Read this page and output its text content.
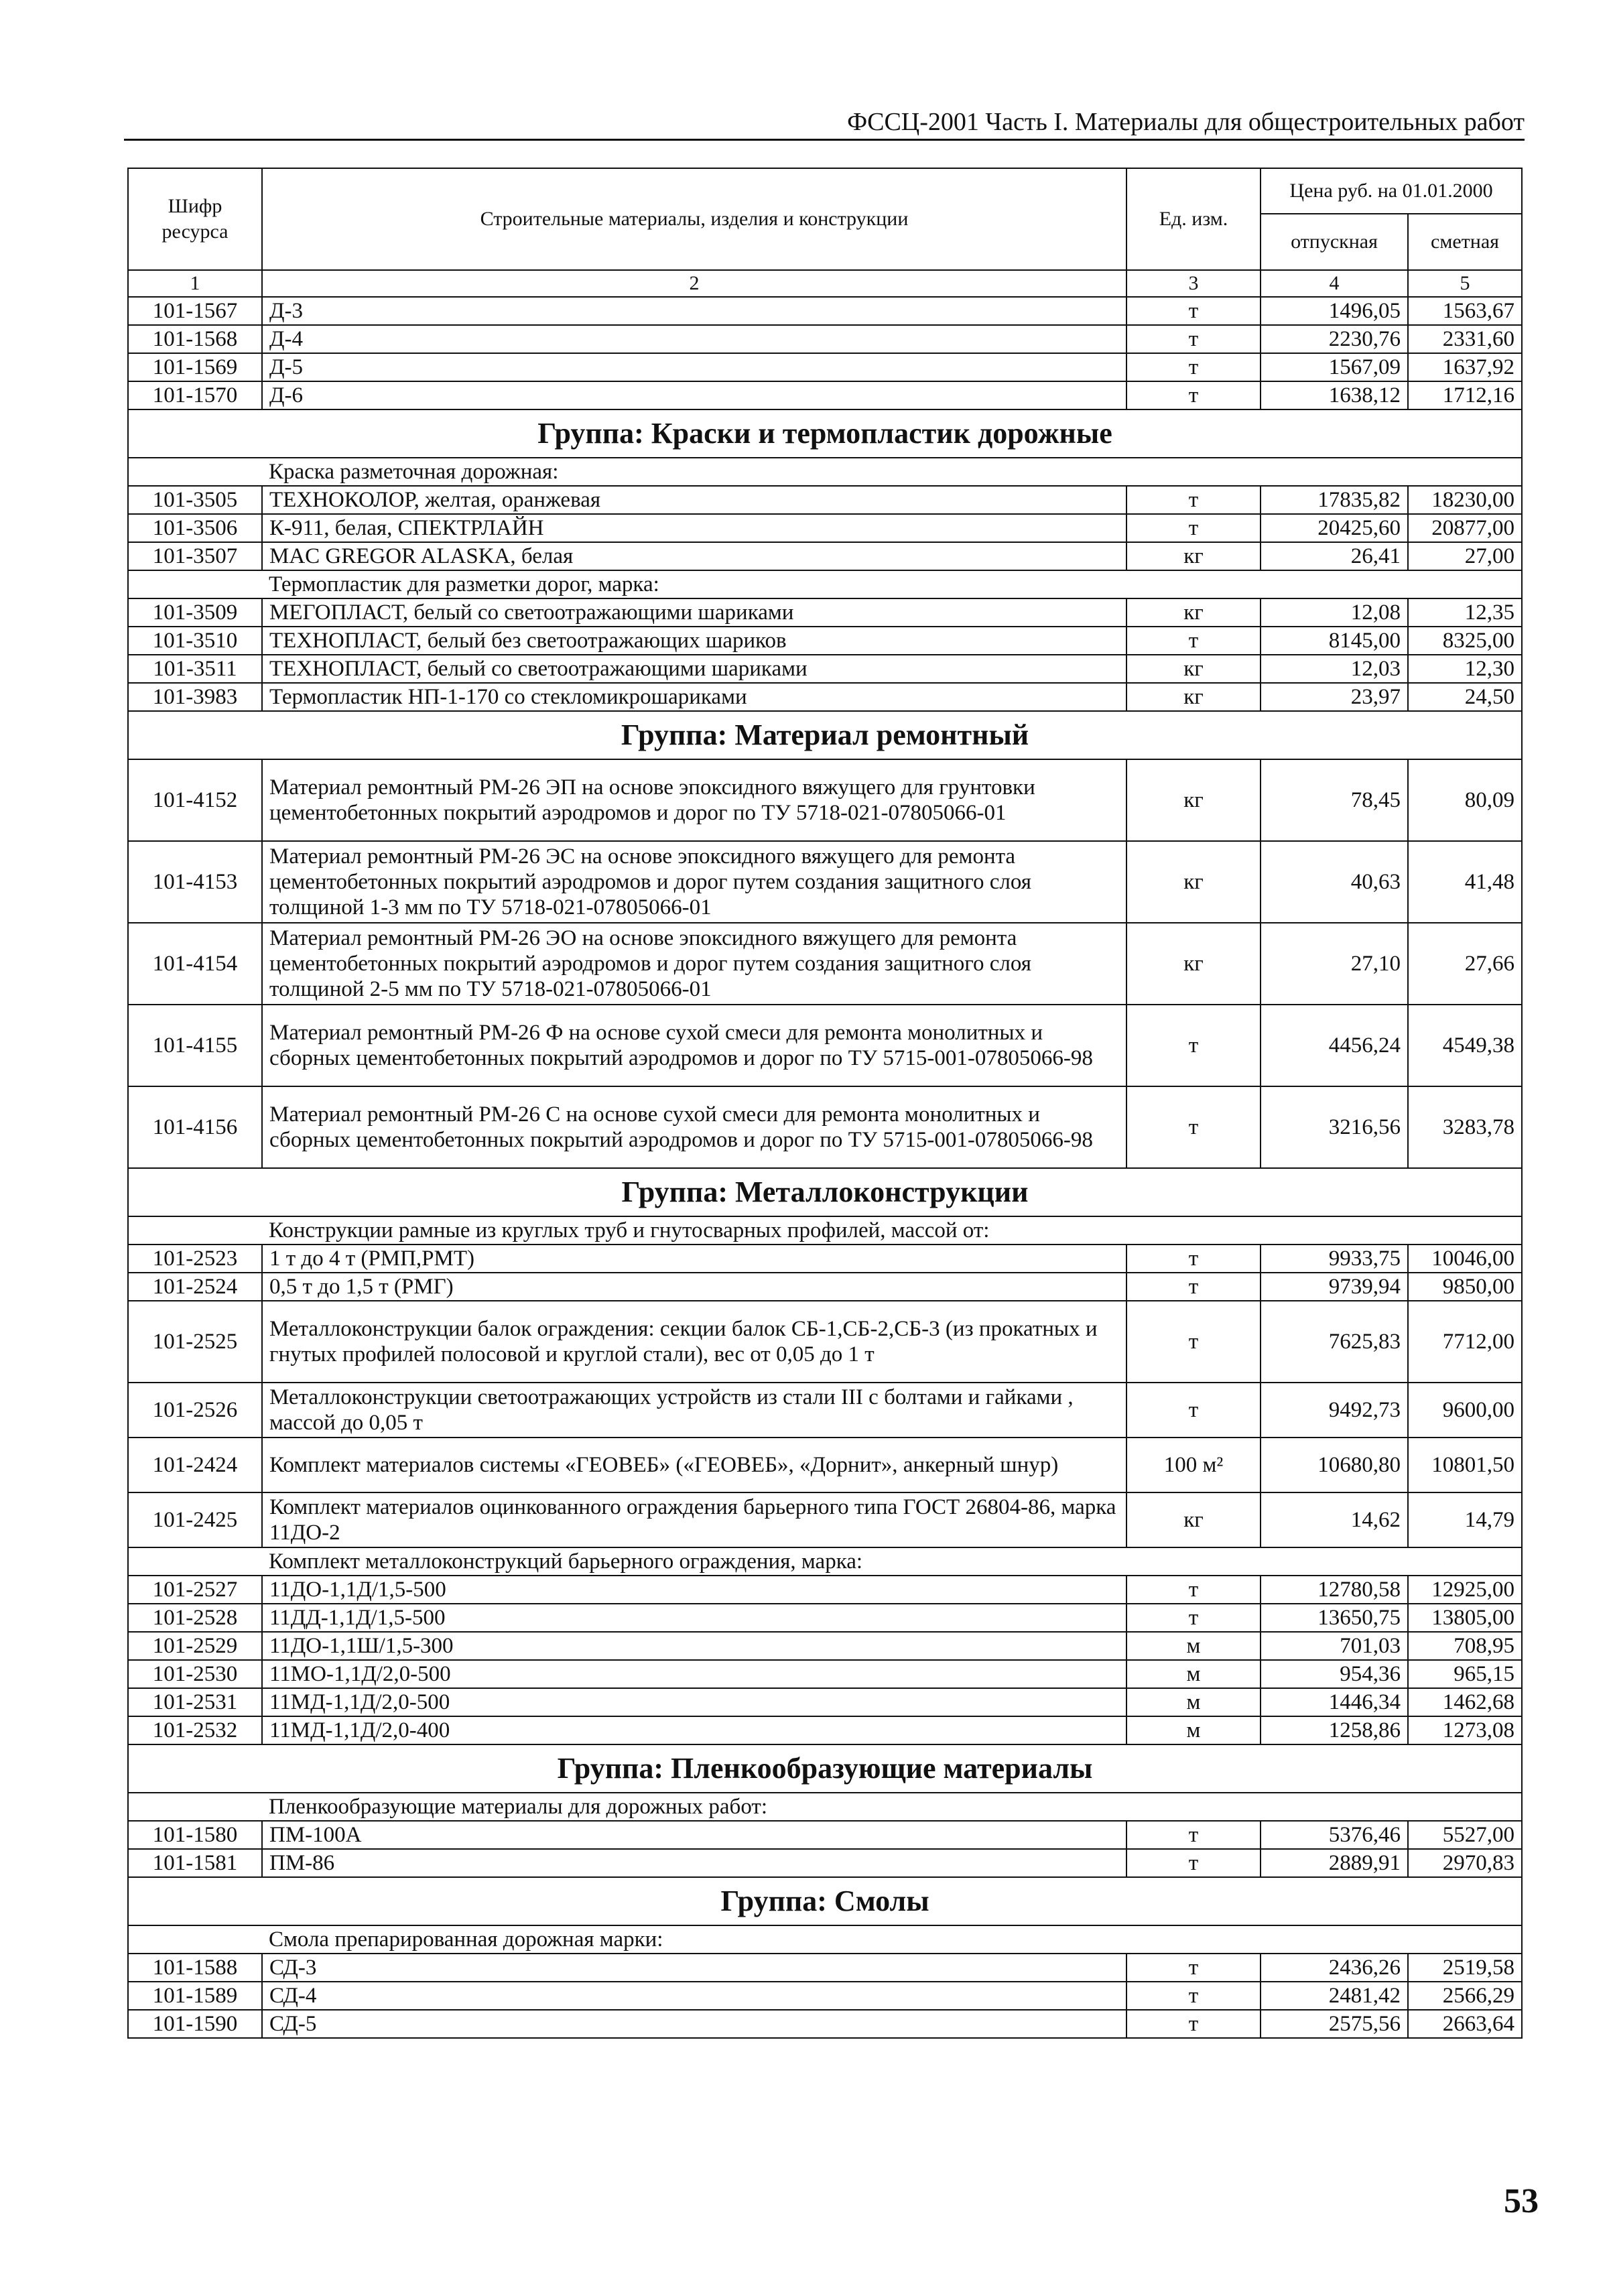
ФССЦ-2001 Часть I. Материалы для общестроительных работ
Шифр ресурса	Строительные материалы, изделия и конструкции	Ед. изм.	Цена руб. на 01.01.2000	
			отпускная	сметная
1	2	3	4	5
101-1567	Д-3	т	1496,05	1563,67
101-1568	Д-4	т	2230,76	2331,60
101-1569	Д-5	т	1567,09	1637,92
101-1570	Д-6	т	1638,12	1712,16
Группа: Краски и термопластик дорожные				
	Краска разметочная дорожная:			
101-3505	ТЕХНОКОЛОР, желтая, оранжевая	т	17835,82	18230,00
101-3506	К-911, белая, СПЕКТРЛАЙН	т	20425,60	20877,00
101-3507	MAC GREGOR ALASKA, белая	кг	26,41	27,00
	Термопластик для разметки дорог, марка:			
101-3509	МЕГОПЛАСТ, белый со светоотражающими шариками	кг	12,08	12,35
101-3510	ТЕХНОПЛАСТ, белый без светоотражающих шариков	т	8145,00	8325,00
101-3511	ТЕХНОПЛАСТ, белый со светоотражающими шариками	кг	12,03	12,30
101-3983	Термопластик НП-1-170 со стекломикрошариками	кг	23,97	24,50
Группа: Материал ремонтный				
101-4152	Материал ремонтный РМ-26 ЭП на основе эпоксидного вяжущего для грунтовки цементобетонных покрытий аэродромов и дорог по ТУ 5718-021-07805066-01	кг	78,45	80,09
101-4153	Материал ремонтный РМ-26 ЭС на основе эпоксидного вяжущего для ремонта цементобетонных покрытий аэродромов и дорог путем создания защитного слоя толщиной 1-3 мм по ТУ 5718-021-07805066-01	кг	40,63	41,48
101-4154	Материал ремонтный РМ-26 ЭО на основе эпоксидного вяжущего для ремонта цементобетонных покрытий аэродромов и дорог путем создания защитного слоя толщиной 2-5 мм по ТУ 5718-021-07805066-01	кг	27,10	27,66
101-4155	Материал ремонтный РМ-26 Ф на основе сухой смеси для ремонта монолитных и сборных цементобетонных покрытий аэродромов и дорог по ТУ 5715-001-07805066-98	т	4456,24	4549,38
101-4156	Материал ремонтный РМ-26 С на основе сухой смеси для ремонта монолитных и сборных цементобетонных покрытий аэродромов и дорог по ТУ 5715-001-07805066-98	т	3216,56	3283,78
Группа: Металлоконструкции				
	Конструкции рамные из круглых труб и гнутосварных профилей, массой от:			
101-2523	1 т до 4 т (РМП,РМТ)	т	9933,75	10046,00
101-2524	0,5 т до 1,5 т (РМГ)	т	9739,94	9850,00
101-2525	Металлоконструкции балок ограждения: секции балок СБ-1,СБ-2,СБ-3 (из прокатных и гнутых профилей полосовой и круглой стали), вес от 0,05 до 1 т	т	7625,83	7712,00
101-2526	Металлоконструкции светоотражающих устройств из стали III с болтами и гайками , массой до 0,05 т	т	9492,73	9600,00
101-2424	Комплект материалов системы «ГЕОВЕБ» («ГЕОВЕБ», «Дорнит», анкерный шнур)	100 м²	10680,80	10801,50
101-2425	Комплект материалов оцинкованного ограждения барьерного типа ГОСТ 26804-86, марка 11ДО-2	кг	14,62	14,79
	Комплект металлоконструкций барьерного ограждения, марка:			
101-2527	11ДО-1,1Д/1,5-500	т	12780,58	12925,00
101-2528	11ДД-1,1Д/1,5-500	т	13650,75	13805,00
101-2529	11ДО-1,1Ш/1,5-300	м	701,03	708,95
101-2530	11МО-1,1Д/2,0-500	м	954,36	965,15
101-2531	11МД-1,1Д/2,0-500	м	1446,34	1462,68
101-2532	11МД-1,1Д/2,0-400	м	1258,86	1273,08
Группа: Пленкообразующие материалы				
	Пленкообразующие материалы для дорожных работ:			
101-1580	ПМ-100А	т	5376,46	5527,00
101-1581	ПМ-86	т	2889,91	2970,83
Группа: Смолы				
	Смола препарированная дорожная марки:			
101-1588	СД-3	т	2436,26	2519,58
101-1589	СД-4	т	2481,42	2566,29
101-1590	СД-5	т	2575,56	2663,64
53
